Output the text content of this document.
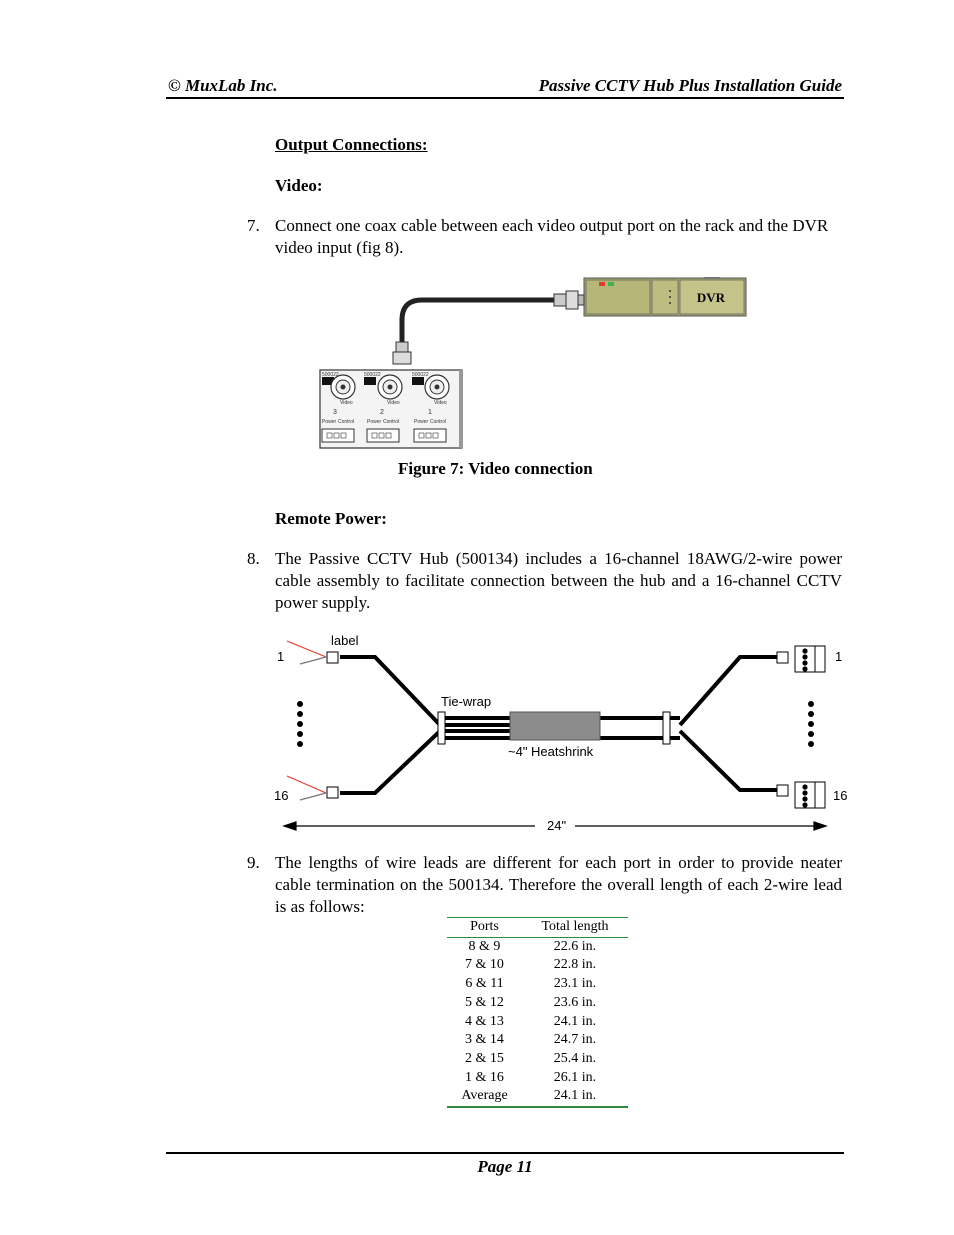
© MuxLab Inc.	Passive CCTV Hub Plus Installation Guide
Output Connections:
Video:
7. Connect one coax cable between each video output port on the rack and the DVR video input (fig 8).
DVR
500022	500022	500022
Video	Video	Video
Power Control	Power Control	Power Control
3	2	1
Figure 7: Video connection
Remote Power:
8. The Passive CCTV Hub (500134) includes a 16-channel 18AWG/2-wire power cable assembly to facilitate connection between the hub and a 16-channel CCTV power supply.
label
Tie-wrap
~4" Heatshrink
24"
1
16
1
16
9. The lengths of wire leads are different for each port in order to provide neater cable termination on the 500134. Therefore the overall length of each 2-wire lead is as follows:
Ports	Total length
8 & 9	22.6 in.
7 & 10	22.8 in.
6 & 11	23.1 in.
5 & 12	23.6 in.
4 & 13	24.1 in.
3 & 14	24.7 in.
2 & 15	25.4 in.
1 & 16	26.1 in.
Average	24.1 in.
Page 11
